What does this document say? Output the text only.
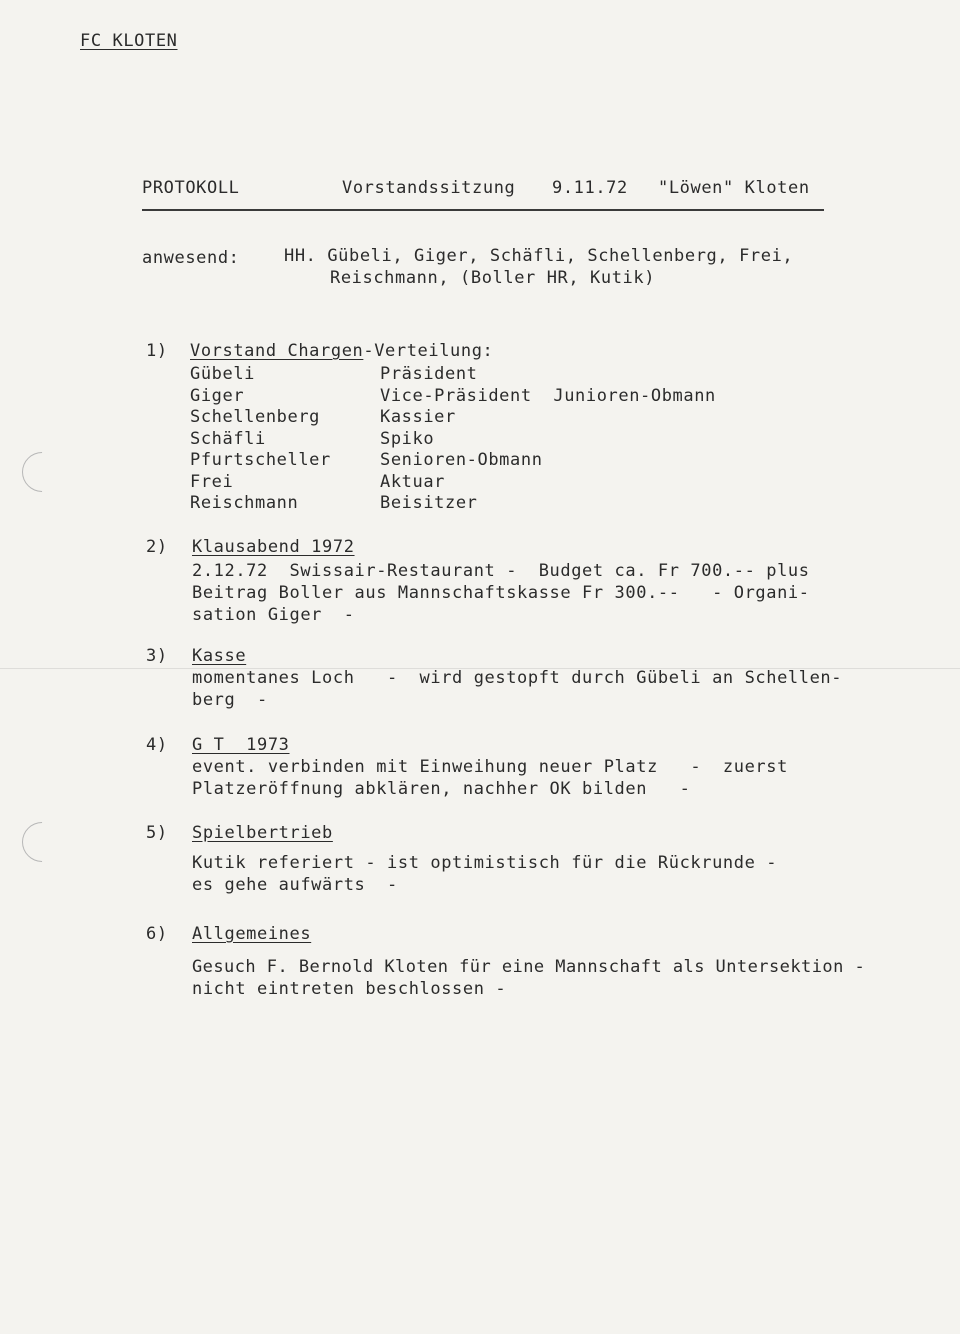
FC KLOTEN
PROTOKOLL	Vorstandssitzung 9.11.72 "Löwen" Kloten
anwesend:	HH. Gübeli, Giger, Schäfli, Schellenberg, Frei,
Reischmann, (Boller HR, Kutik)
1) Vorstand Chargen-Verteilung:
Gübeli	Präsident
Giger	Vice-Präsident  Junioren-Obmann
Schellenberg	Kassier
Schäfli	Spiko
Pfurtscheller	Senioren-Obmann
Frei	Aktuar
Reischmann	Beisitzer
2) Klausabend 1972
2.12.72  Swissair-Restaurant -  Budget ca. Fr 700.-- plus
Beitrag Boller aus Mannschaftskasse Fr 300.--   - Organi-
sation Giger  -
3) Kasse
momentanes Loch   -  wird gestopft durch Gübeli an Schellen-
berg  -
4) G T  1973
event. verbinden mit Einweihung neuer Platz   -  zuerst
Platzeröffnung abklären, nachher OK bilden   -
5) Spielbertrieb
Kutik referiert - ist optimistisch für die Rückrunde -
es gehe aufwärts  -
6) Allgemeines
Gesuch F. Bernold Kloten für eine Mannschaft als Untersektion -
nicht eintreten beschlossen -
